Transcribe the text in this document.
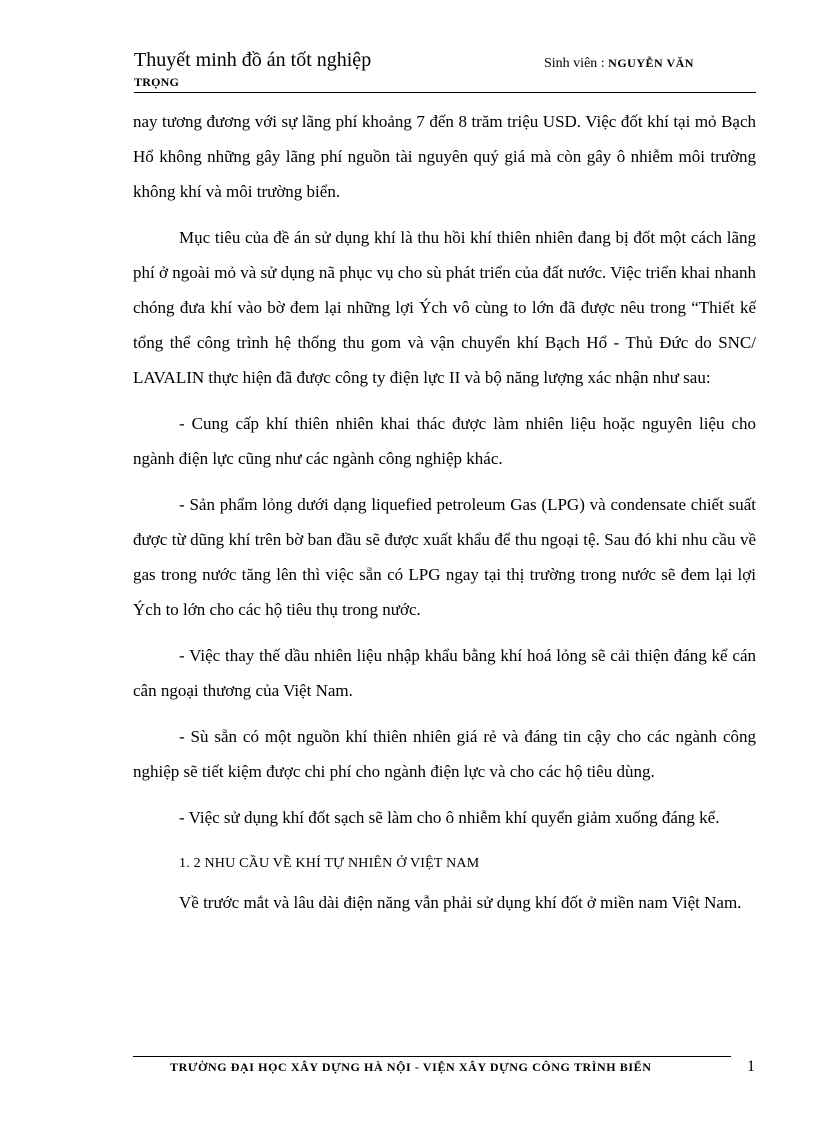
Thuyết minh đồ án tốt nghiệp
TRỌNG
Sinh viên : NGUYỄN VĂN

nay tương đương với sự lãng phí khoảng 7 đến 8 trăm triệu USD. Việc đốt khí tại mỏ Bạch Hổ không những gây lãng phí nguồn tài nguyên quý giá mà còn gây ô nhiễm môi trường không khí và môi trường biển.

Mục tiêu của đề án sử dụng khí là thu hồi khí thiên nhiên đang bị đốt một cách lãng phí ở ngoài mỏ và sử dụng nã phục vụ cho sù phát triển của đất nước. Việc triển khai nhanh chóng đưa khí vào bờ đem lại những lợi Ých vô cùng to lớn đã được nêu trong “Thiết kế tổng thể công trình hệ thống thu gom và vận chuyển khí Bạch Hổ - Thủ Đức do SNC/ LAVALIN thực hiện đã được công ty điện lực II và bộ năng lượng xác nhận như sau:

- Cung cấp khí thiên nhiên khai thác được làm nhiên liệu hoặc nguyên liệu cho ngành điện lực cũng như các ngành công nghiệp khác.

- Sản phẩm lỏng dưới dạng liquefied petroleum Gas (LPG) và condensate chiết suất được từ dũng khí trên bờ ban đầu sẽ được xuất khẩu để thu ngoại tệ. Sau đó khi nhu cầu về gas trong nước tăng lên thì việc sẵn có LPG ngay tại thị trường trong nước sẽ đem lại lợi Ých to lớn cho các hộ tiêu thụ trong nước.

- Việc thay thế dầu nhiên liệu nhập khẩu bằng khí hoá lỏng sẽ cải thiện đáng kể cán cân ngoại thương của Việt Nam.

- Sù sẵn có một nguồn khí thiên nhiên giá rẻ và đáng tin cậy cho các ngành công nghiệp sẽ tiết kiệm được chi phí cho ngành điện lực và cho các hộ tiêu dùng.

- Việc sử dụng khí đốt sạch sẽ làm cho ô nhiễm khí quyển giảm xuống đáng kể.

1. 2 NHU CẦU VỀ KHÍ TỰ NHIÊN Ở VIỆT NAM

Về trước mắt và lâu dài điện năng vẫn phải sử dụng khí đốt ở miền nam Việt Nam.

TRƯỜNG ĐẠI HỌC XÂY DỰNG HÀ NỘI - VIỆN XÂY DỰNG CÔNG TRÌNH BIỂN	1
